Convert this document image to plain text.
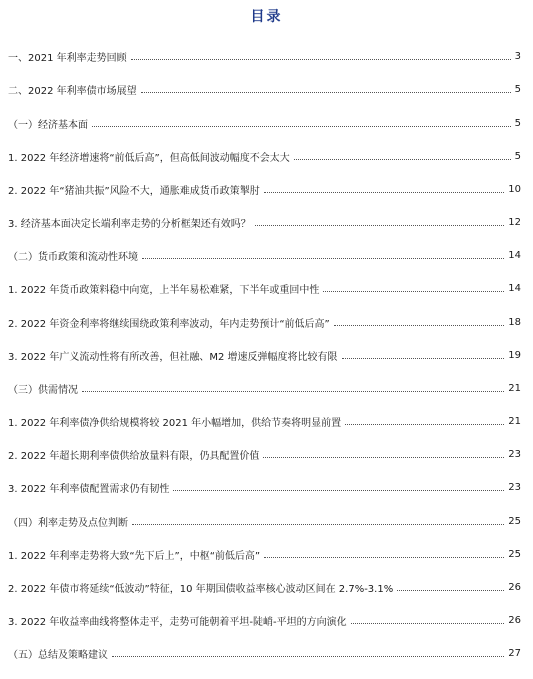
目录
一、2021 年利率走势回顾	3
二、2022 年利率债市场展望	5
（一）经济基本面	5
1. 2022 年经济增速将“前低后高”，但高低间波动幅度不会太大	5
2. 2022 年“猪油共振”风险不大，通胀难成货币政策掣肘	10
3. 经济基本面决定长端利率走势的分析框架还有效吗？	12
（二）货币政策和流动性环境	14
1. 2022 年货币政策料稳中向宽，上半年易松难紧，下半年或重回中性	14
2. 2022 年资金利率将继续围绕政策利率波动，年内走势预计“前低后高”	18
3. 2022 年广义流动性将有所改善，但社融、M2 增速反弹幅度将比较有限	19
（三）供需情况	21
1. 2022 年利率债净供给规模将较 2021 年小幅增加，供给节奏将明显前置	21
2. 2022 年超长期利率债供给放量料有限，仍具配置价值	23
3. 2022 年利率债配置需求仍有韧性	23
（四）利率走势及点位判断	25
1. 2022 年利率走势将大致“先下后上”，中枢“前低后高”	25
2. 2022 年债市将延续“低波动”特征，10 年期国债收益率核心波动区间在 2.7%-3.1%	26
3. 2022 年收益率曲线将整体走平，走势可能朝着平坦-陡峭-平坦的方向演化	26
（五）总结及策略建议	27
